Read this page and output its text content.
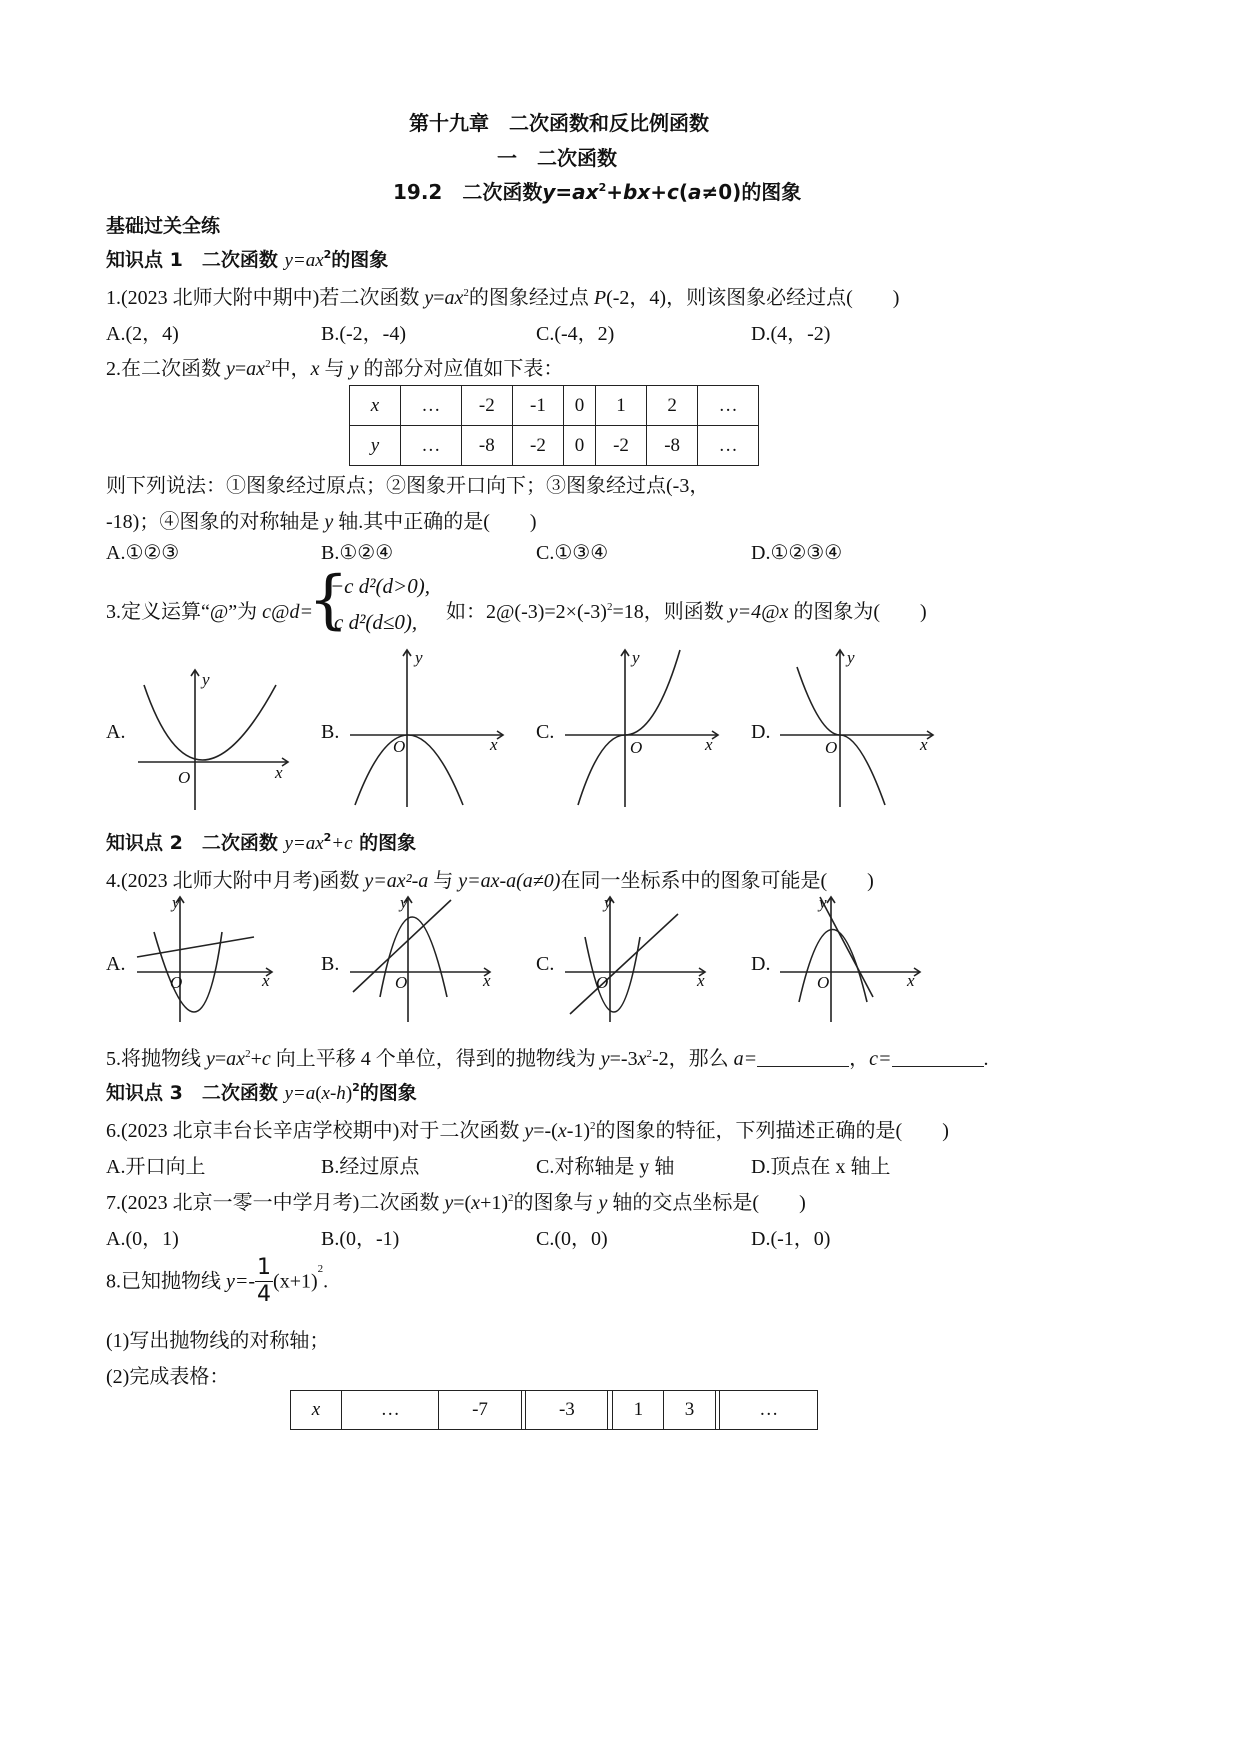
第十九章　二次函数和反比例函数
一　二次函数
19.2　二次函数$y=ax^2+bx+c(a\ne 0)$的图象
基础过关全练
知识点 1　二次函数 $y=ax^2$的图象
1.(2023 北师大附中期中)若二次函数 $y=ax^2$的图象经过点 P(-2，4)，则该图象必经过点(　　)
A.(2，4)	B.(-2，-4)	C.(-4，2)	D.(4，-2)
2.在二次函数 $y=ax^2$中，x 与 y 的部分对应值如下表：
x	…	-2	-1	0	1	2	…
y	…	-8	-2	0	-2	-8	…
则下列说法：①图象经过原点；②图象开口向下；③图象经过点(-3，
-18)；④图象的对称轴是 y 轴.其中正确的是(　　)
A.①②③	B.①②④	C.①③④	D.①②③④
3.定义运算“@”为 c@d=
{
−c d²(d>0),
c d²(d≤0), 如：$2@(-3)=2\times(-3)^2=18$，则函数 y=4@x 的图象为(　　)
A.
y
x
O
B.
y
x
O
C.
y
x
O
D.
y
x
O
知识点 2　二次函数 $y=ax^2+c$ 的图象
4.(2023 北师大附中月考)函数 y=ax²-a 与 y=ax-a(a≠0)在同一坐标系中的图象可能是(　　)
A.
y
x
O
B.
y
x
O
C.
y
x
O
D.
y
x
O
5.将抛物线 $y=ax^2+c$ 向上平移 4 个单位，得到的抛物线为 $y=-3x^2-2$，那么 a=	，c=	.
知识点 3　二次函数 $y=a(x-h)^2$的图象
6.(2023 北京丰台长辛店学校期中)对于二次函数 $y=-(x-1)^2$的图象的特征，下列描述正确的是(　　)
A.开口向上	B.经过原点	C.对称轴是 y 轴	D.顶点在 x 轴上
7.(2023 北京一零一中学月考)二次函数 $y=(x+1)^2$的图象与 y 轴的交点坐标是(　　)
A.(0，1)	B.(0，-1)	C.(0，0)	D.(-1，0)
8.已知抛物线 $y=- \frac{1}{4} (x+1)^2$.
(1)写出抛物线的对称轴；
(2)完成表格：
x	…	-7		-3		1	3		…
